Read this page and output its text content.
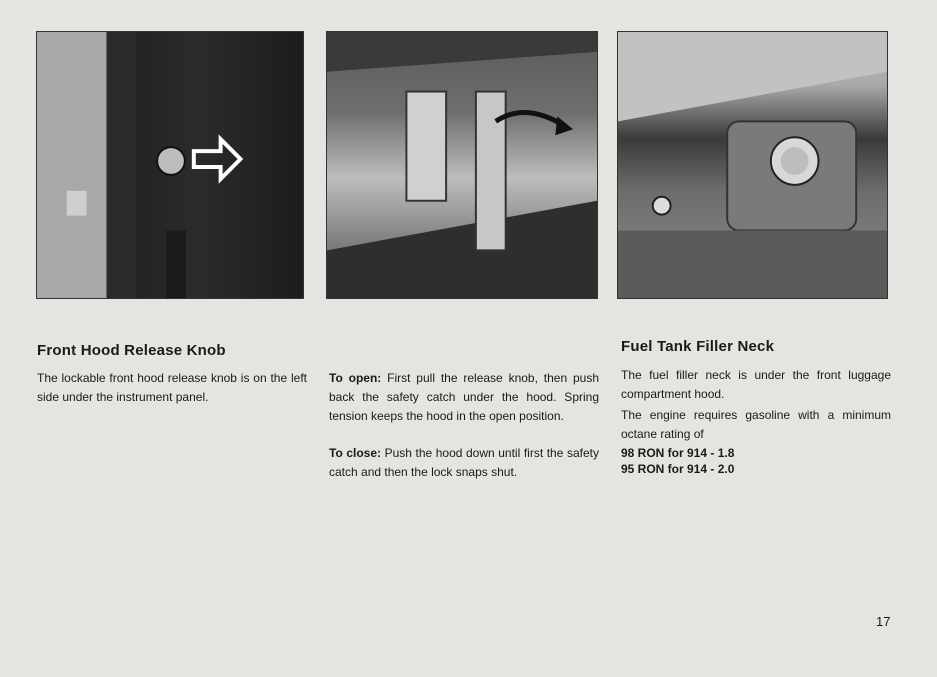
Front Hood Release Knob

The lockable front hood release knob is on the left side under the instrument panel.

To open: First pull the release knob, then push back the safety catch under the hood. Spring tension keeps the hood in the open position.

To close: Push the hood down until first the safety catch and then the lock snaps shut.

Fuel Tank Filler Neck

The fuel filler neck is under the front luggage compartment hood.

The engine requires gasoline with a minimum octane rating of

98 RON for 914 - 1.8

95 RON for 914 - 2.0

17
